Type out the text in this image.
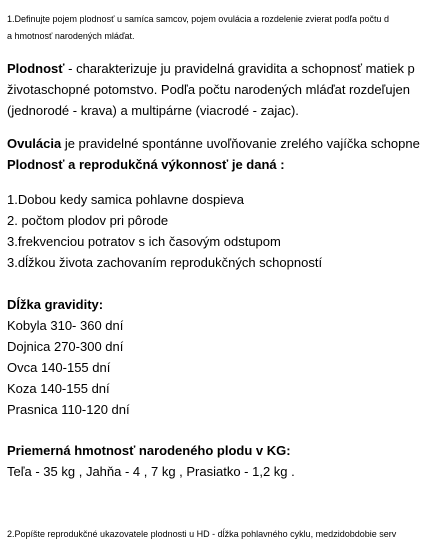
1.Definujte pojem plodnosť u samíca samcov, pojem ovulácia a rozdelenie zvierat podľa počtu d
a hmotnosť narodených mláďat.
Plodnosť - charakterizuje ju pravidelná gravidita a schopnosť matiek p
životaschopné potomstvo. Podľa počtu narodených mláďat rozdeľujen
(jednorodé - krava) a multipárne (viacrodé - zajac).
Ovulácia je pravidelné spontánne uvoľňovanie zrelého vajíčka schopne
Plodnosť a reprodukčná výkonnosť je daná :
1.Dobou kedy samica pohlavne dospieva
2. počtom plodov pri pôrode
3.frekvenciou potratov s ich časovým odstupom
3.dĺžkou života zachovaním reprodukčných schopností
Dĺžka gravidity:
Kobyla 310- 360 dní
Dojnica 270-300 dní
Ovca 140-155 dní
Koza 140-155 dní
Prasnica 110-120 dní
Priemerná hmotnosť narodeného plodu v KG:
Teľa - 35 kg , Jahňa - 4 , 7 kg , Prasiatko - 1,2 kg .
2.Popíšte reprodukčné ukazovatele plodnosti u HD - dĺžka pohlavného cyklu, medzidobdobie serv
